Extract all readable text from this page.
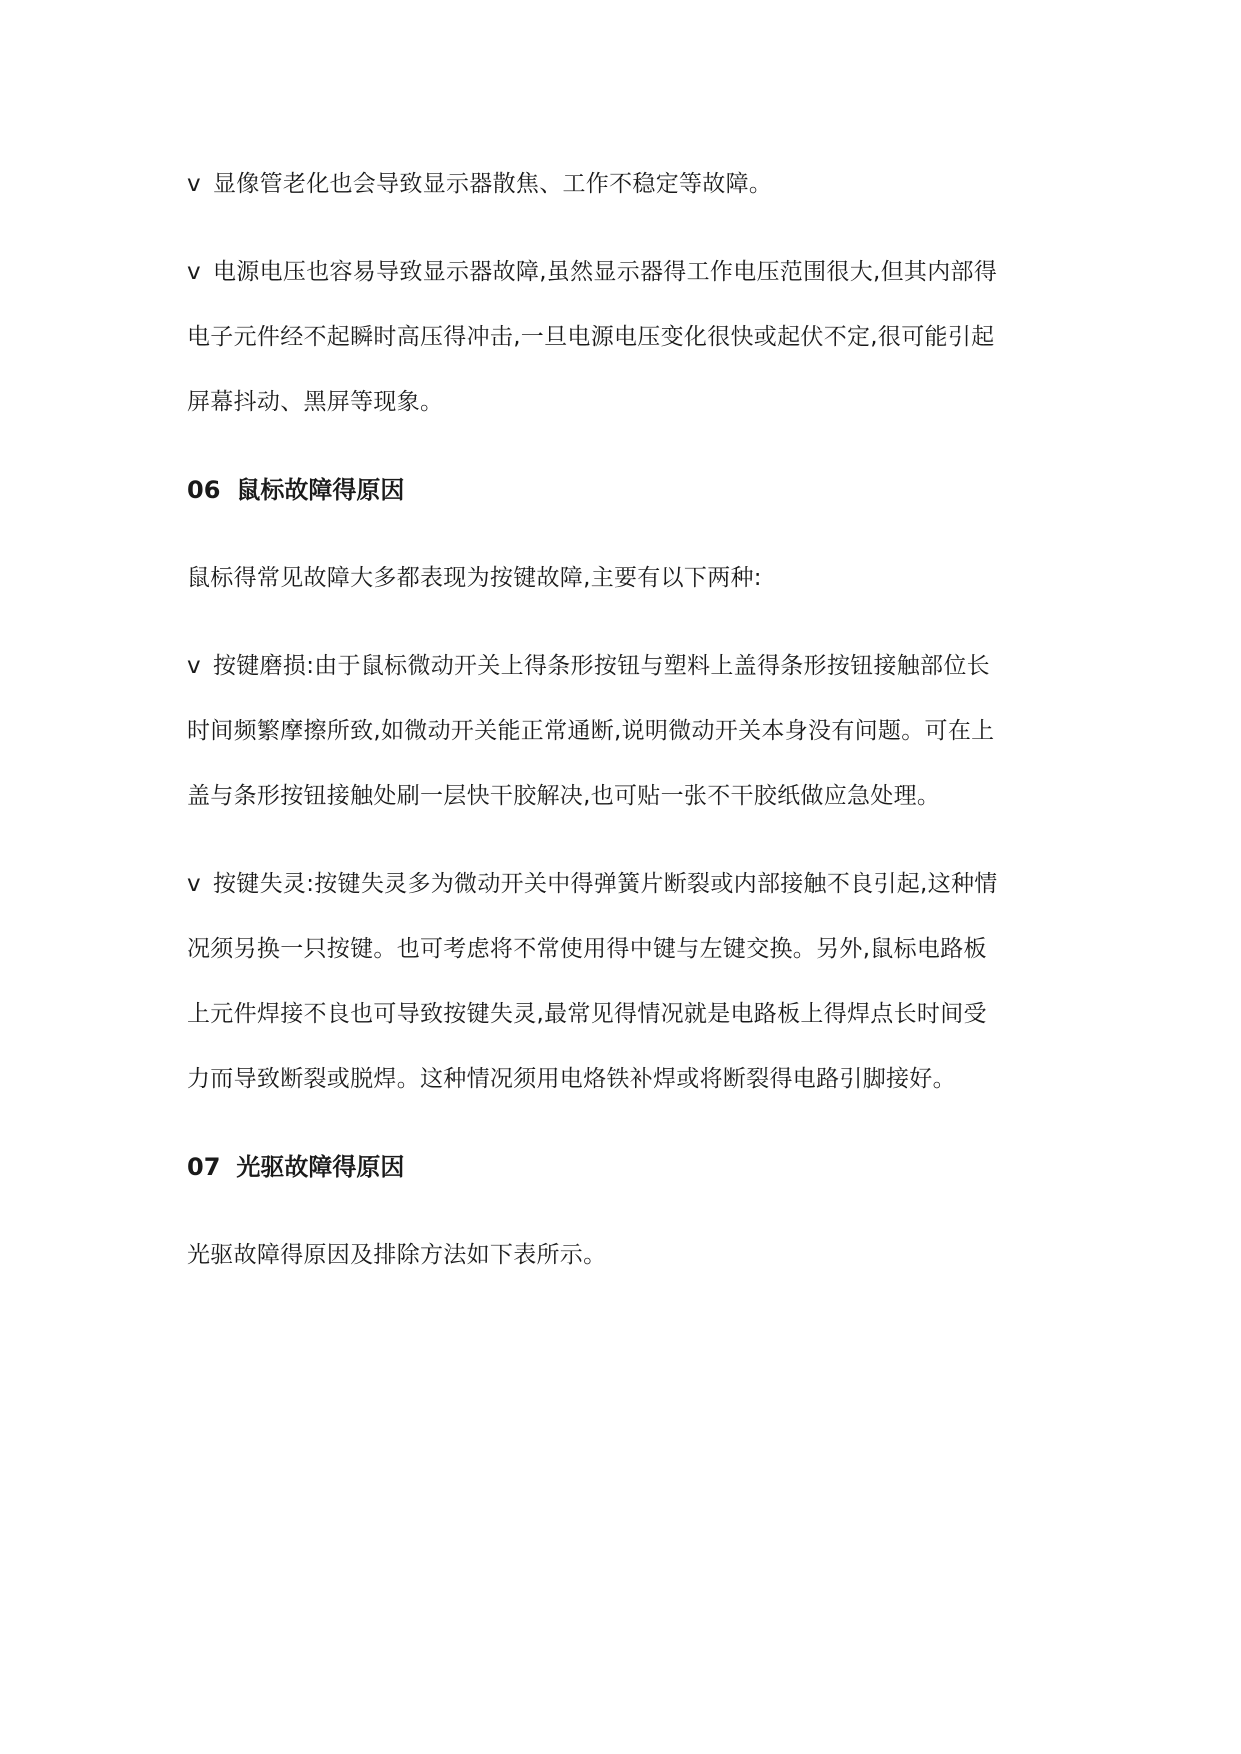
v 显像管老化也会导致显示器散焦、工作不稳定等故障。

v 电源电压也容易导致显示器故障,虽然显示器得工作电压范围很大,但其内部得
电子元件经不起瞬时高压得冲击,一旦电源电压变化很快或起伏不定,很可能引起
屏幕抖动、黑屏等现象。

06 鼠标故障得原因

鼠标得常见故障大多都表现为按键故障,主要有以下两种:

v 按键磨损:由于鼠标微动开关上得条形按钮与塑料上盖得条形按钮接触部位长
时间频繁摩擦所致,如微动开关能正常通断,说明微动开关本身没有问题。可在上
盖与条形按钮接触处刷一层快干胶解决,也可贴一张不干胶纸做应急处理。

v 按键失灵:按键失灵多为微动开关中得弹簧片断裂或内部接触不良引起,这种情
况须另换一只按键。也可考虑将不常使用得中键与左键交换。另外,鼠标电路板
上元件焊接不良也可导致按键失灵,最常见得情况就是电路板上得焊点长时间受
力而导致断裂或脱焊。这种情况须用电烙铁补焊或将断裂得电路引脚接好。

07 光驱故障得原因

光驱故障得原因及排除方法如下表所示。
